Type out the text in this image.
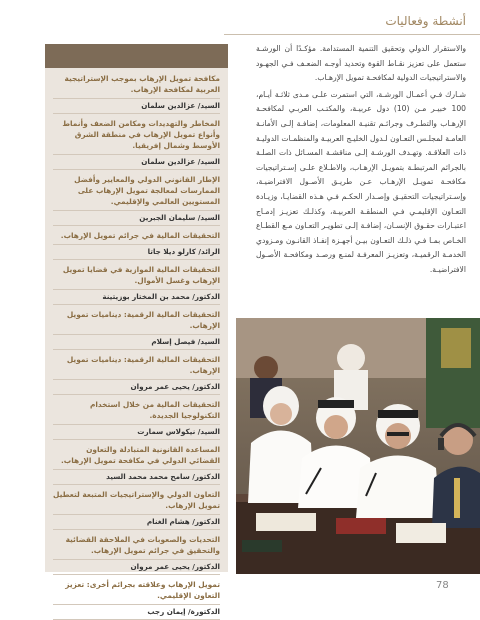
أنشطة وفعاليات

مكافحة تمويل الإرهاب بموجب الإستراتيجية العربية لمكافحة الإرهاب.

السيد/ عزالدين سلمان

المخاطر والتهديدات ومكامن الضعف وأنماط وأنواع تمويل الإرهاب في منطقة الشرق الأوسط وشمال إفريقيا.

السيد/ عزالدين سلمان

الإطار القانوني الدولي والمعايير وأفضل الممارسات لمعالجة تمويل الإرهاب على المستويين العالمي والإقليمي.

السيد/ سليمان الجبرين

التحقيقات المالية في جرائم تمويل الإرهاب.

الرائد/ كارلو ديلا جاتا

التحقيقات المالية الموازية في قضايا تمويل الإرهاب وغسل الأموال.

الدكتور/ محمد بن المختار بوزيتينة

التحقيقات المالية الرقمية: ديناميات تمويل الإرهاب.

السيد/ فيصل إسلام

التحقيقات المالية الرقمية: ديناميات تمويل الإرهاب.

الدكتور/ يحيى عمر مروان

التحقيقات المالية من خلال استخدام التكنولوجيا الجديدة.

السيد/ نيكولاس سمارت

المساعدة القانونية المتبادلة والتعاون القضائي الدولي في مكافحة تمويل الإرهاب.

الدكتور/ سامح محمد محمد السيد

التعاون الدولي والإستراتيجيات المتبعة لتعطيل تمويل الإرهاب.

الدكتور/ هشام الغنام

التحديات والصعوبات في الملاحقة القضائية والتحقيق في جرائم تمويل الإرهاب.

الدكتور/ يحيى عمر مروان

تمويل الإرهاب وعلاقته بجرائم أخرى: تعزيز التعاون الإقليمي.

الدكتورة/ إيمان رجب

والاستقرار الدولي وتحقيق التنمية المستدامة. مؤكـدًا أن الورشـة ستعمل على تعزيز نقـاط القوة وتحديد أوجـه الضعـف فـي الجهـود والاستراتيجيات الدولية لمكافحـة تمويل الإرهـاب.

شـارك فـي أعمـال الورشـة، التي استمرت علـى مـدى ثلاثـة أيـام، 100 خبيـر مـن (10) دول عربيـة، والمكتـب العربـي لمكافحـة الإرهـاب والتطـرف وجرائـم تقنيـة المعلومات، إضافـة إلـى الأمانـة العامـة لمجلـس التعـاون لـدول الخليـج العربيـة والمنظمـات الدوليـة ذات العلاقـة. وتهـدف الورشـة إلـى مناقشـة المسـائل ذات الصلـة بالجرائم المرتبطـة بتمويـل الإرهـاب، والاطـلاع علـى إسـتراتيجيات مكافحـة تمويـل الإرهـاب عـن طريـق الأصـول الافتراضيـة، وإسـتراتيجيات التحقيـق وإصـدار الحكـم فـي هـذه القضايـا، وزيـادة التعـاون الإقليمـي فـي المنطقـة العربيـة، وكذلـك تعزيـز إدمـاج اعتبـارات حقـوق الإنسـان، إضافـة إلـى تطويـر التعـاون مـع القطـاع الخـاص بمـا فـي ذلـك التعـاون بيـن أجهـزة إنفـاذ القانـون ومـزودي الخدمـة الرقميـة، وتعزيـز المعرفـة لمنـع ورصـد ومكافحـة الأصـول الافتراضيـة.

78
